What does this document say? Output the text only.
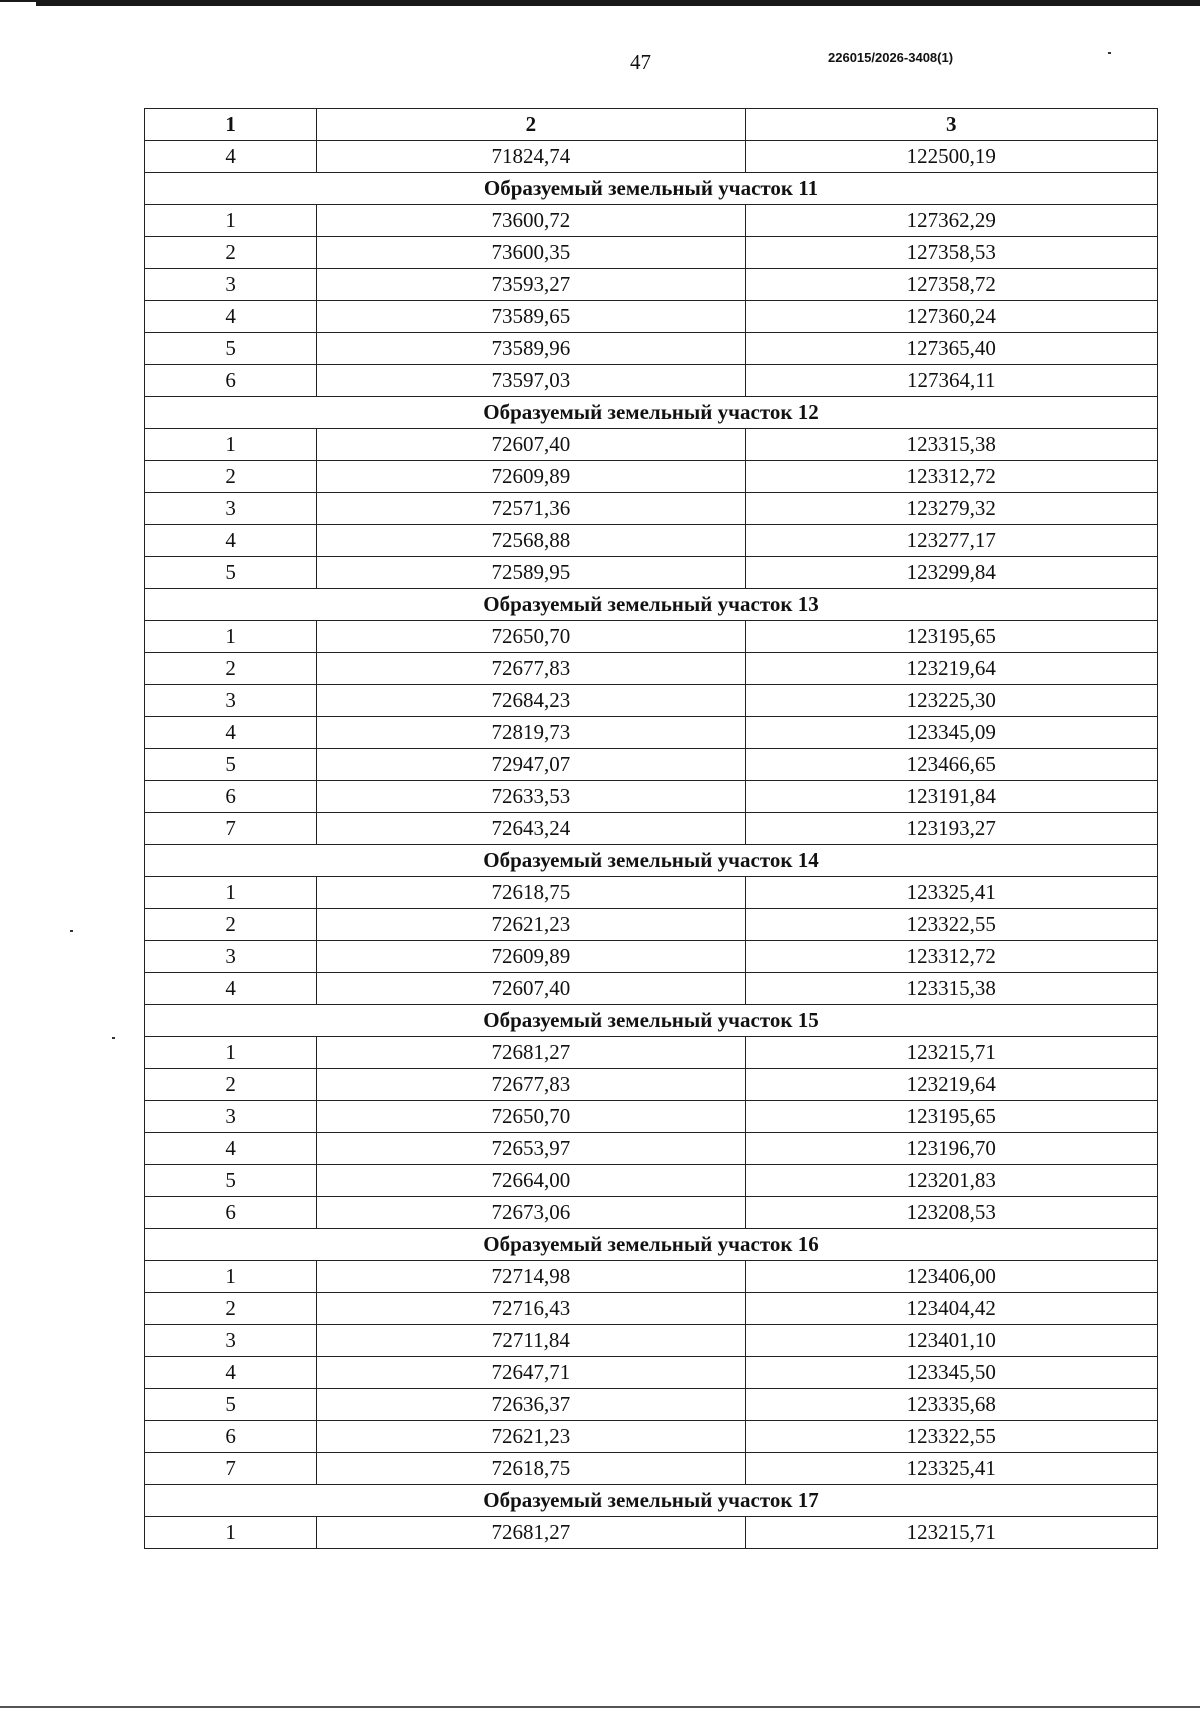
47	226015/2026-3408(1)
1	2	3
4	71824,74	122500,19
Образуемый земельный участок 11		
1	73600,72	127362,29
2	73600,35	127358,53
3	73593,27	127358,72
4	73589,65	127360,24
5	73589,96	127365,40
6	73597,03	127364,11
Образуемый земельный участок 12		
1	72607,40	123315,38
2	72609,89	123312,72
3	72571,36	123279,32
4	72568,88	123277,17
5	72589,95	123299,84
Образуемый земельный участок 13		
1	72650,70	123195,65
2	72677,83	123219,64
3	72684,23	123225,30
4	72819,73	123345,09
5	72947,07	123466,65
6	72633,53	123191,84
7	72643,24	123193,27
Образуемый земельный участок 14		
1	72618,75	123325,41
2	72621,23	123322,55
3	72609,89	123312,72
4	72607,40	123315,38
Образуемый земельный участок 15		
1	72681,27	123215,71
2	72677,83	123219,64
3	72650,70	123195,65
4	72653,97	123196,70
5	72664,00	123201,83
6	72673,06	123208,53
Образуемый земельный участок 16		
1	72714,98	123406,00
2	72716,43	123404,42
3	72711,84	123401,10
4	72647,71	123345,50
5	72636,37	123335,68
6	72621,23	123322,55
7	72618,75	123325,41
Образуемый земельный участок 17		
1	72681,27	123215,71
